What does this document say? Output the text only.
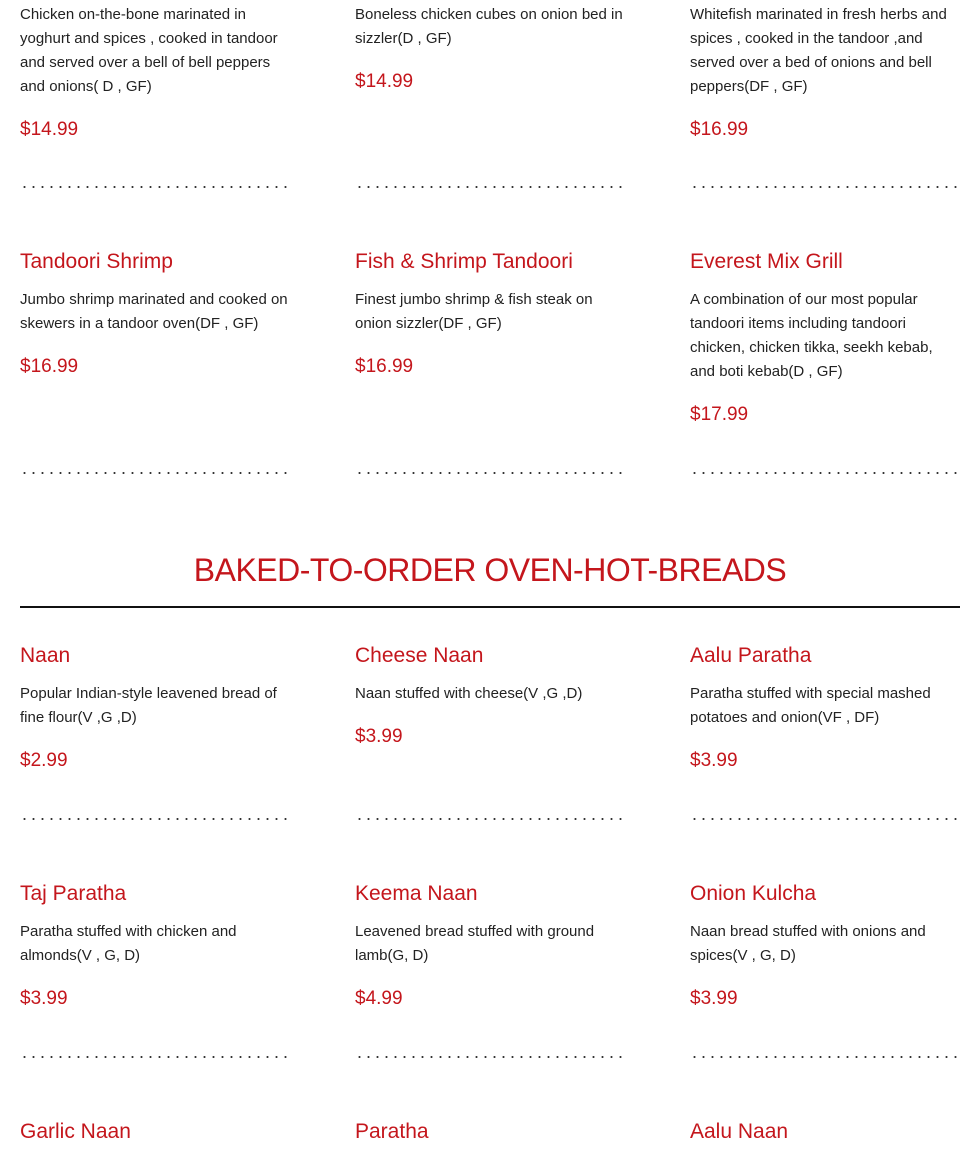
Chicken on-the-bone marinated in yoghurt and spices , cooked in tandoor and served over a bell of bell peppers and onions( D , GF)
$14.99
Boneless chicken cubes on onion bed in sizzler(D , GF)
$14.99
Whitefish marinated in fresh herbs and spices , cooked in the tandoor ,and served over a bed of onions and bell peppers(DF , GF)
$16.99
Tandoori Shrimp
Jumbo shrimp marinated and cooked on skewers in a tandoor oven(DF , GF)
$16.99
Fish & Shrimp Tandoori
Finest jumbo shrimp & fish steak on onion sizzler(DF , GF)
$16.99
Everest Mix Grill
A combination of our most popular tandoori items including tandoori chicken, chicken tikka, seekh kebab, and boti kebab(D , GF)
$17.99
BAKED-TO-ORDER OVEN-HOT-BREADS
Naan
Popular Indian-style leavened bread of fine flour(V ,G ,D)
$2.99
Cheese Naan
Naan stuffed with cheese(V ,G ,D)
$3.99
Aalu Paratha
Paratha stuffed with special mashed potatoes and onion(VF , DF)
$3.99
Taj Paratha
Paratha stuffed with chicken and almonds(V , G, D)
$3.99
Keema Naan
Leavened bread stuffed with ground lamb(G, D)
$4.99
Onion Kulcha
Naan bread stuffed with onions and spices(V , G, D)
$3.99
Garlic Naan	Paratha	Aalu Naan
